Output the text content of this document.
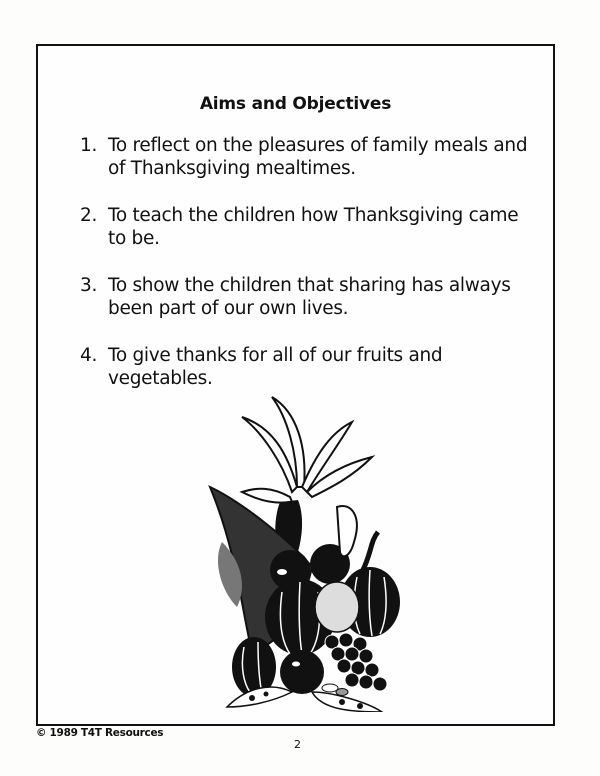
Aims and Objectives
1. To reflect on the pleasures of family meals and of Thanksgiving mealtimes.
2. To teach the children how Thanksgiving came to be.
3. To show the children that sharing has always been part of our own lives.
4. To give thanks for all of our fruits and vegetables.
© 1989 T4T Resources
2
